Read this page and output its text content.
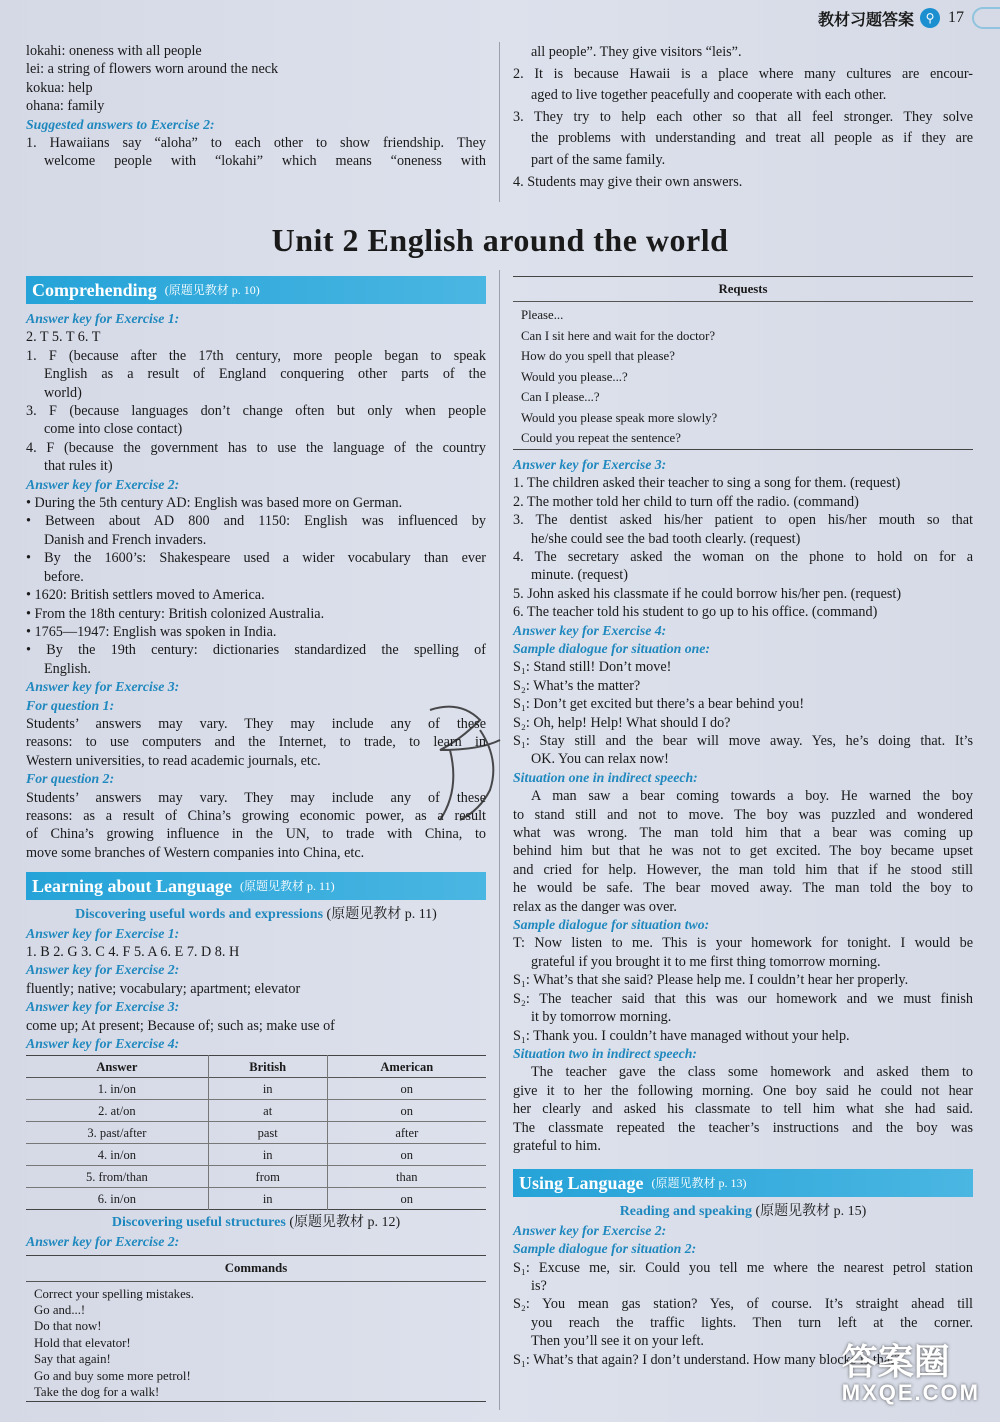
教材习题答案 ⚲ 17
lokahi: oneness with all people
lei: a string of flowers worn around the neck
kokua: help
ohana: family
Suggested answers to Exercise 2:
1. Hawaiians say “aloha” to each other to show friendship. They
welcome people with “lokahi” which means “oneness with
all people”. They give visitors “leis”.
2. It is because Hawaii is a place where many cultures are encour-
aged to live together peacefully and cooperate with each other.
3. They try to help each other so that all feel stronger. They solve
the problems with understanding and treat all people as if they are
part of the same family.
4. Students may give their own answers.
Unit 2 English around the world
Comprehending (原题见教材 p. 10)
Answer key for Exercise 1:
2. T 5. T 6. T
1. F (because after the 17th century, more people began to speak
English as a result of England conquering other parts of the
world)
3. F (because languages don’t change often but only when people
come into close contact)
4. F (because the government has to use the language of the country
that rules it)
Answer key for Exercise 2:
• During the 5th century AD: English was based more on German.
• Between about AD 800 and 1150: English was influenced by
Danish and French invaders.
• By the 1600’s: Shakespeare used a wider vocabulary than ever
before.
• 1620: British settlers moved to America.
• From the 18th century: British colonized Australia.
• 1765—1947: English was spoken in India.
• By the 19th century: dictionaries standardized the spelling of
English.
Answer key for Exercise 3:
For question 1:
Students’ answers may vary. They may include any of these
reasons: to use computers and the Internet, to trade, to learn in
Western universities, to read academic journals, etc.
For question 2:
Students’ answers may vary. They may include any of these
reasons: as a result of China’s growing economic power, as a result
of China’s growing influence in the UN, to trade with China, to
move some branches of Western companies into China, etc.
Learning about Language (原题见教材 p. 11)
Discovering useful words and expressions (原题见教材 p. 11)
Answer key for Exercise 1:
1. B 2. G 3. C 4. F 5. A 6. E 7. D 8. H
Answer key for Exercise 2:
fluently; native; vocabulary; apartment; elevator
Answer key for Exercise 3:
come up; At present; Because of; such as; make use of
Answer key for Exercise 4:
Answer	British	American
1. in/on	in	on
2. at/on	at	on
3. past/after	past	after
4. in/on	in	on
5. from/than	from	than
6. in/on	in	on
Discovering useful structures (原题见教材 p. 12)
Answer key for Exercise 2:
Commands
Correct your spelling mistakes.
Go and...!
Do that now!
Hold that elevator!
Say that again!
Go and buy some more petrol!
Take the dog for a walk!
Requests
Please...
Can I sit here and wait for the doctor?
How do you spell that please?
Would you please...?
Can I please...?
Would you please speak more slowly?
Could you repeat the sentence?
Answer key for Exercise 3:
1. The children asked their teacher to sing a song for them. (request)
2. The mother told her child to turn off the radio. (command)
3. The dentist asked his/her patient to open his/her mouth so that
he/she could see the bad tooth clearly. (request)
4. The secretary asked the woman on the phone to hold on for a
minute. (request)
5. John asked his classmate if he could borrow his/her pen. (request)
6. The teacher told his student to go up to his office. (command)
Answer key for Exercise 4:
Sample dialogue for situation one:
S₁: Stand still! Don’t move!
S₂: What’s the matter?
S₁: Don’t get excited but there’s a bear behind you!
S₂: Oh, help! Help! What should I do?
S₁: Stay still and the bear will move away. Yes, he’s doing that. It’s
OK. You can relax now!
Situation one in indirect speech:
A man saw a bear coming towards a boy. He warned the boy
to stand still and not to move. The boy was puzzled and wondered
what was wrong. The man told him that a bear was coming up
behind him but that he was not to get excited. The boy became upset
and cried for help. However, the man told him that if he stood still
he would be safe. The bear moved away. The man told the boy to
relax as the danger was over.
Sample dialogue for situation two:
T: Now listen to me. This is your homework for tonight. I would be
grateful if you brought it to me first thing tomorrow morning.
S₁: What’s that she said? Please help me. I couldn’t hear her properly.
S₂: The teacher said that this was our homework and we must finish
it by tomorrow morning.
S₁: Thank you. I couldn’t have managed without your help.
Situation two in indirect speech:
The teacher gave the class some homework and asked them to
give it to her the following morning. One boy said he could not hear
her clearly and asked his classmate to tell him what she had said.
The classmate repeated the teacher’s instructions and the boy was
grateful to him.
Using Language (原题见教材 p. 13)
Reading and speaking (原题见教材 p. 15)
Answer key for Exercise 2:
Sample dialogue for situation 2:
S₁: Excuse me, sir. Could you tell me where the nearest petrol station
is?
S₂: You mean gas station? Yes, of course. It’s straight ahead till
you reach the traffic lights. Then turn left at the corner.
Then you’ll see it on your left.
S₁: What’s that again? I don’t understand. How many blocks is that?
答案圈
MXQE.COM
